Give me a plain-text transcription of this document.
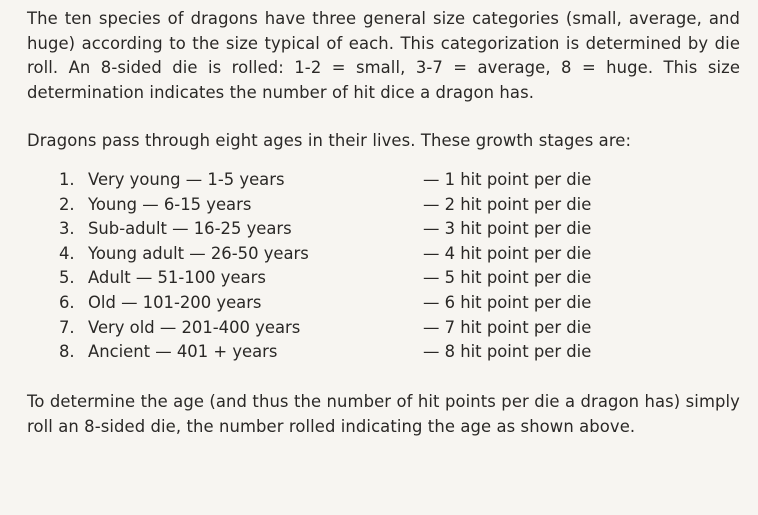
The ten species of dragons have three general size categories (small, average, and huge) according to the size typical of each. This categorization is determined by die roll. An 8-sided die is rolled: 1-2 = small, 3-7 = average, 8 = huge. This size determination indicates the number of hit dice a dragon has.

Dragons pass through eight ages in their lives. These growth stages are:

1. Very young — 1-5 years	— 1 hit point per die
2. Young — 6-15 years	— 2 hit point per die
3. Sub-adult — 16-25 years	— 3 hit point per die
4. Young adult — 26-50 years	— 4 hit point per die
5. Adult — 51-100 years	— 5 hit point per die
6. Old — 101-200 years	— 6 hit point per die
7. Very old — 201-400 years	— 7 hit point per die
8. Ancient — 401 + years	— 8 hit point per die

To determine the age (and thus the number of hit points per die a dragon has) simply roll an 8-sided die, the number rolled indicating the age as shown above.
